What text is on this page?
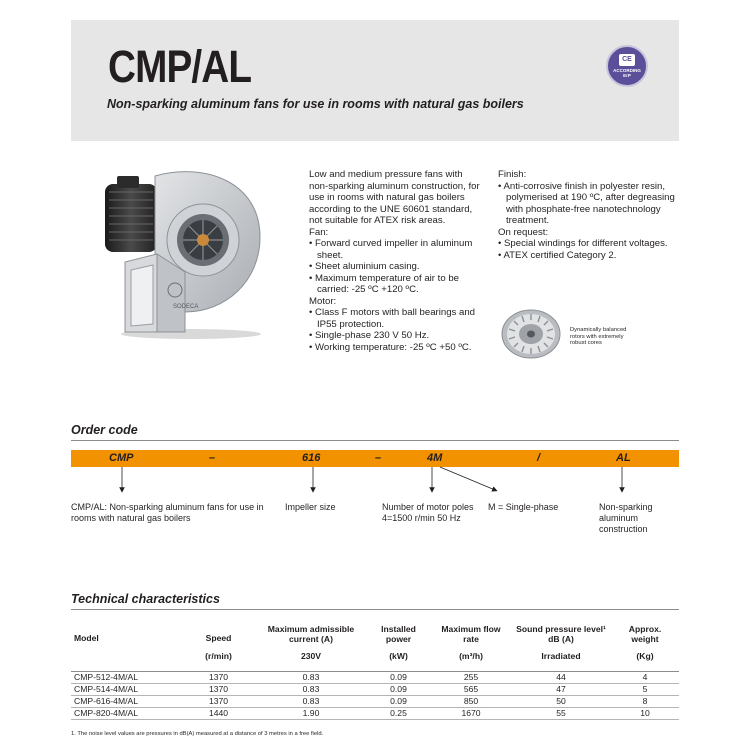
CMP/AL
Non-sparking aluminum fans for use in rooms with natural gas boilers
CE
ACCORDING
ErP
SODECA

Low and medium pressure fans with non-sparking aluminum construction, for use in rooms with natural gas boilers according to the UNE 60601 standard, not suitable for ATEX risk areas.

Fan:

• Forward curved impeller in aluminum sheet.
• Sheet aluminium casing.
• Maximum temperature of air to be carried: -25 ºC +120 ºC.

Motor:

• Class F motors with ball bearings and IP55 protection.
• Single-phase 230 V 50 Hz.
• Working temperature: -25 ºC +50 ºC.

Finish:

• Anti-corrosive finish in polyester resin, polymerised at 190 ºC, after degreasing with phosphate-free nanotechnology treatment.

On request:

• Special windings for different voltages.
• ATEX certified Category 2.
Dynamically balanced rotors with extremely robust cores
Order code
CMP	–	616	–	4M	/	AL
CMP/AL: Non-sparking aluminum fans for use in rooms with natural gas boilers
Impeller size	Number of motor poles 4=1500 r/min 50 Hz
M = Single-phase	Non-sparking aluminum construction
Technical characteristics
Model	Speed	Maximum admissible current (A)	Installed power	Maximum flow rate	Sound pressure level¹ dB (A)	Approx. weight
	(r/min)	230V	(kW)	(m³/h)	Irradiated	(Kg)
CMP-512-4M/AL	1370	0.83	0.09	255	44	4
CMP-514-4M/AL	1370	0.83	0.09	565	47	5
CMP-616-4M/AL	1370	0.83	0.09	850	50	8
CMP-820-4M/AL	1440	1.90	0.25	1670	55	10
1. The noise level values are pressures in dB(A) measured at a distance of 3 metres in a free field.
